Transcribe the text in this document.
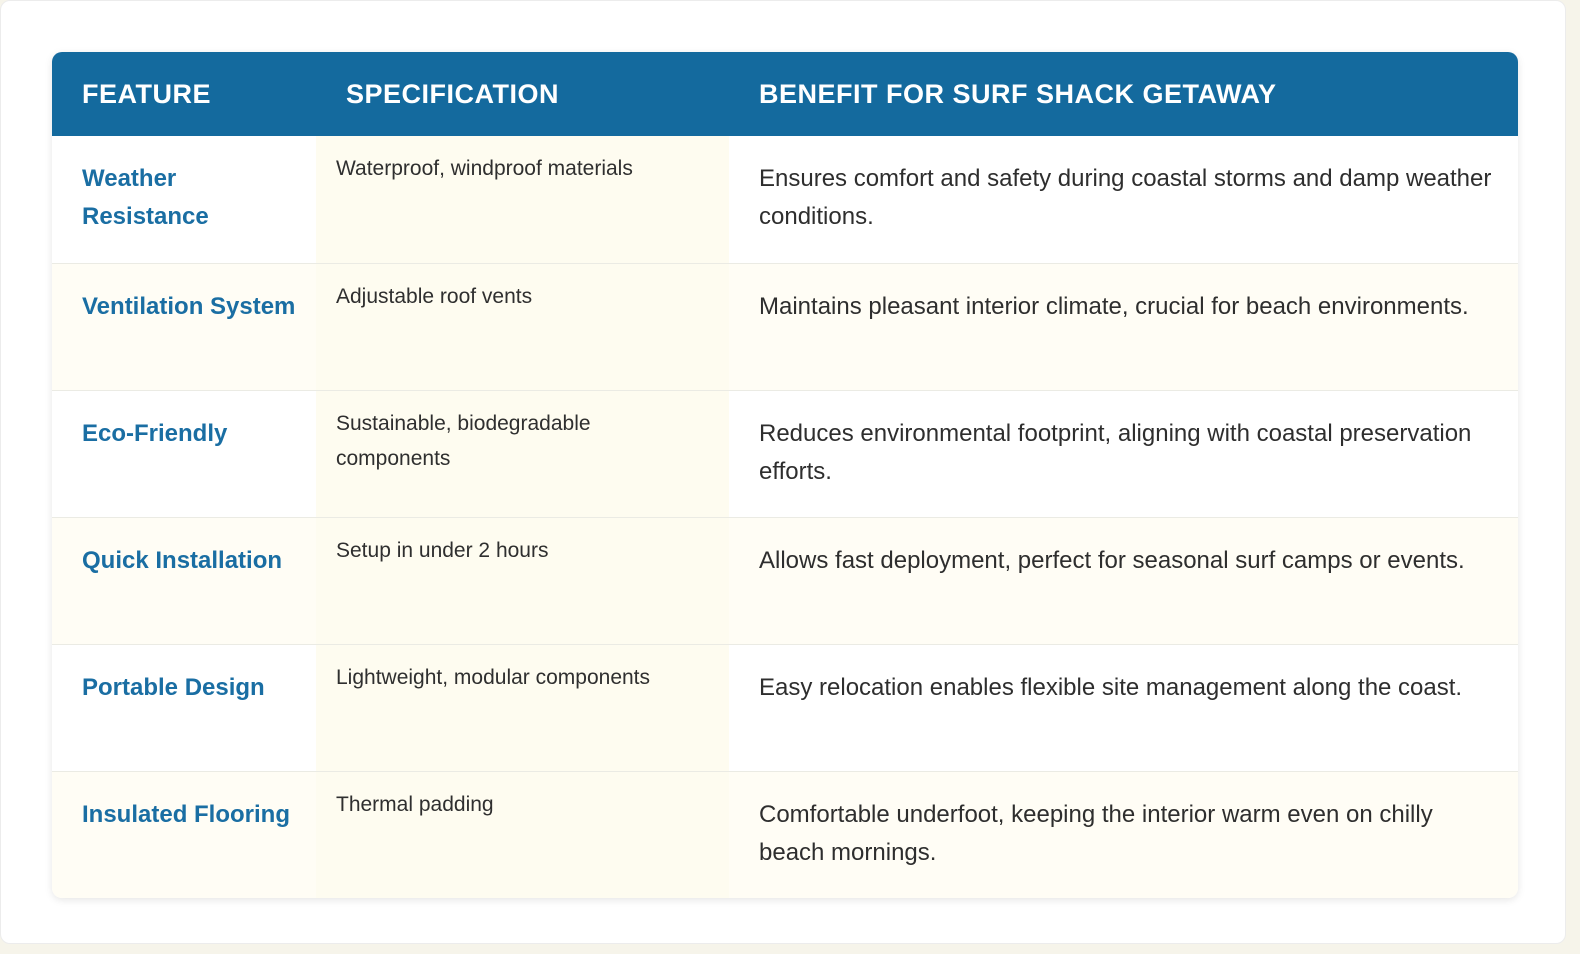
FEATURE	SPECIFICATION	BENEFIT FOR SURF SHACK GETAWAY
Weather Resistance	Waterproof, windproof materials	Ensures comfort and safety during coastal storms and damp weather conditions.
Ventilation System	Adjustable roof vents	Maintains pleasant interior climate, crucial for beach environments.
Eco-Friendly	Sustainable, biodegradable components	Reduces environmental footprint, aligning with coastal preservation efforts.
Quick Installation	Setup in under 2 hours	Allows fast deployment, perfect for seasonal surf camps or events.
Portable Design	Lightweight, modular components	Easy relocation enables flexible site management along the coast.
Insulated Flooring	Thermal padding	Comfortable underfoot, keeping the interior warm even on chilly beach mornings.
